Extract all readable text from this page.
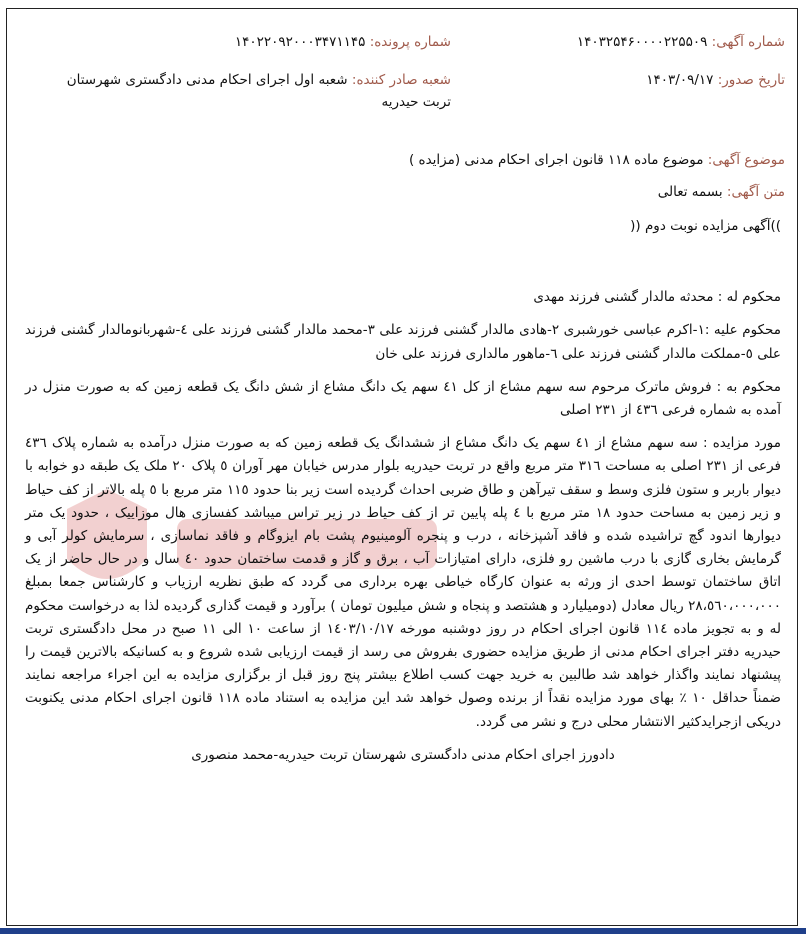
شماره آگهی: ۱۴۰۳۲۵۴۶۰۰۰۰۲۲۵۵۰۹
شماره پرونده: ۱۴۰۲۲۰۹۲۰۰۰۳۴۷۱۱۴۵
تاریخ صدور: ۱۴۰۳/۰۹/۱۷
شعبه صادر کننده: شعبه اول اجرای احکام مدنی دادگستری شهرستان تربت حیدریه
موضوع آگهی: موضوع ماده ۱۱۸ قانون اجرای احکام مدنی (مزایده )
متن آگهی: بسمه تعالی

))آگهی مزایده نوبت دوم ((

محکوم له : محدثه مالدار گشنی فرزند مهدی

محکوم علیه :۱-اکرم عباسی خورشبری ۲-هادی مالدار گشنی فرزند علی ۳-محمد مالدار گشنی فرزند علی ٤-شهربانومالدار گشنی فرزند علی ٥-مملکت مالدار گشنی فرزند علی ٦-ماهور مالداری فرزند علی خان

محکوم به : فروش ماترک مرحوم سه سهم مشاع از کل ٤۱ سهم یک دانگ مشاع از شش دانگ یک قطعه زمین که به صورت منزل در آمده به شماره فرعی ٤٣٦ از ٢٣۱ اصلی

مورد مزایده : سه سهم مشاع از ٤۱ سهم یک دانگ مشاع از ششدانگ یک قطعه زمین که به صورت منزل درآمده به شماره پلاک ٤٣٦ فرعی از ٢٣۱ اصلی به مساحت ٣۱٦ متر مربع واقع در تربت حیدریه بلوار مدرس خیابان مهر آوران ٥ پلاک ٢۰ ملک یک طبقه دو خوابه با دیوار باربر و ستون فلزی وسط و سقف تیرآهن و طاق ضربی احداث گردیده است زیر بنا حدود ۱۱٥ متر مربع با ٥ پله بالاتر از کف حیاط و زیر زمین به مساحت حدود ۱٨ متر مربع با ٤ پله پایین تر از کف حیاط در زیر تراس میباشد کفسازی هال موزاییک ، حدود یک متر دیوارها اندود گچ تراشیده شده و فاقد آشپزخانه ، درب و پنجره آلومینیوم پشت بام ایزوگام و فاقد نماسازی ، سرمایش کولر آبی و گرمایش بخاری گازی با درب ماشین رو فلزی، دارای امتیازات آب ، برق و گاز و قدمت ساختمان حدود ٤۰ سال و در حال حاضر از یک اتاق ساختمان توسط احدی از ورثه به عنوان کارگاه خیاطی بهره برداری می گردد که طبق نظریه ارزیاب و کارشناس جمعا بمبلغ ٢٨،٥٦۰،۰۰۰،۰۰۰ ریال معادل (دومیلیارد و هشتصد و پنجاه و شش میلیون تومان ) برآورد و قیمت گذاری گردیده لذا به درخواست محکوم له و به تجویز ماده ۱۱٤ قانون اجرای احکام در روز دوشنبه مورخه ۱٤۰٣/۱۰/۱٧ از ساعت ۱۰ الی ۱۱ صبح در محل دادگستری تربت حیدریه دفتر اجرای احکام مدنی از طریق مزایده حضوری بفروش می رسد از قیمت ارزیابی شده شروع و به کسانیکه بالاترین قیمت را پیشنهاد نمایند واگذار خواهد شد طالبین به خرید جهت کسب اطلاع بیشتر پنج روز قبل از برگزاری مزایده به این اجراء مراجعه نمایند ضمناً حداقل ۱۰ ٪ بهای مورد مزایده نقداً از برنده وصول خواهد شد این مزایده به استناد ماده ۱۱٨ قانون اجرای احکام مدنی یکنوبت دریکی ازجرایدکثیر الانتشار محلی درج و نشر می گردد.

دادورز اجرای احکام مدنی دادگستری شهرستان تربت حیدریه-محمد منصوری
